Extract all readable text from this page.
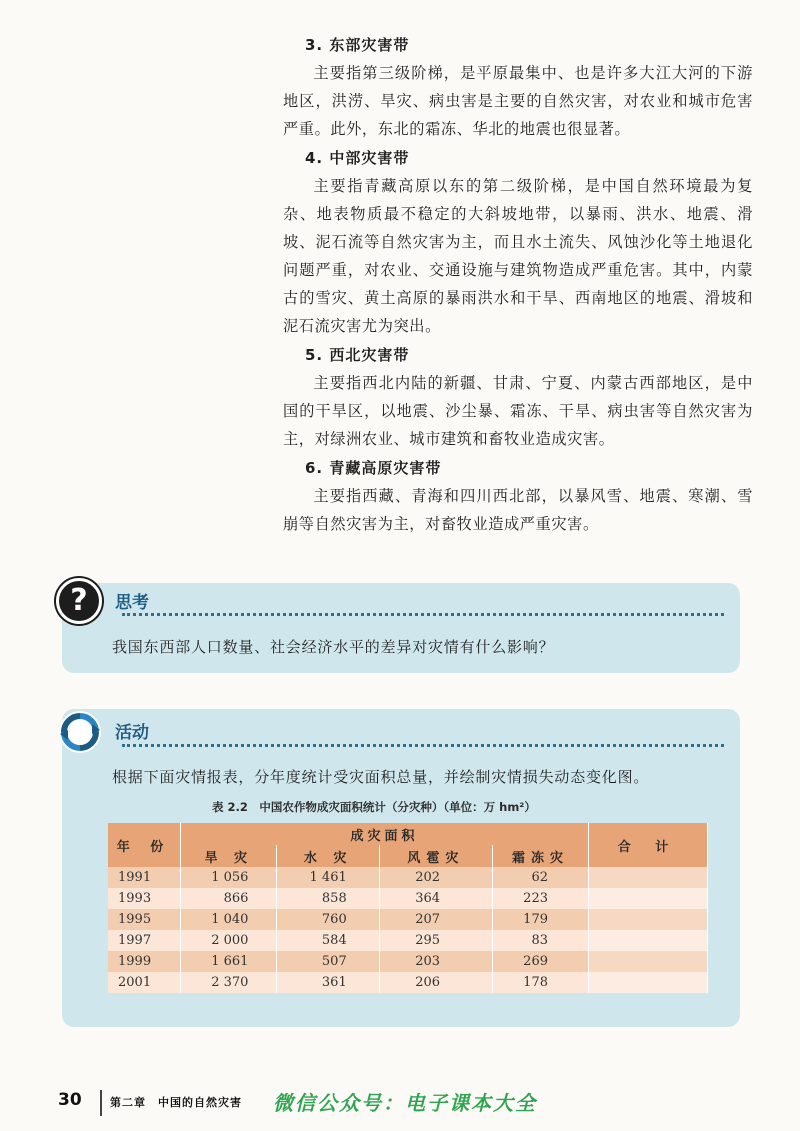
3. 东部灾害带

主要指第三级阶梯，是平原最集中、也是许多大江大河的下游地区，洪涝、旱灾、病虫害是主要的自然灾害，对农业和城市危害严重。此外，东北的霜冻、华北的地震也很显著。

4. 中部灾害带

主要指青藏高原以东的第二级阶梯，是中国自然环境最为复杂、地表物质最不稳定的大斜坡地带，以暴雨、洪水、地震、滑坡、泥石流等自然灾害为主，而且水土流失、风蚀沙化等土地退化问题严重，对农业、交通设施与建筑物造成严重危害。其中，内蒙古的雪灾、黄土高原的暴雨洪水和干旱、西南地区的地震、滑坡和泥石流灾害尤为突出。

5. 西北灾害带

主要指西北内陆的新疆、甘肃、宁夏、内蒙古西部地区，是中国的干旱区，以地震、沙尘暴、霜冻、干旱、病虫害等自然灾害为主，对绿洲农业、城市建筑和畜牧业造成灾害。

6. 青藏高原灾害带

主要指西藏、青海和四川西北部，以暴风雪、地震、寒潮、雪崩等自然灾害为主，对畜牧业造成严重灾害。

?	思考
我国东西部人口数量、社会经济水平的差异对灾情有什么影响？
活动
根据下面灾情报表，分年度统计受灾面积总量，并绘制灾情损失动态变化图。
表 2.2　中国农作物成灾面积统计（分灾种）（单位：万 hm²）
年 份	成灾面积				合 计
	旱 灾	水 灾	风雹灾	霜冻灾	
1991	1 056	1 461	202	62	
1993	866	858	364	223	
1995	1 040	760	207	179	
1997	2 000	584	295	83	
1999	1 661	507	203	269	
2001	2 370	361	206	178	
30	第二章　中国的自然灾害 微信公众号：电子课本大全
